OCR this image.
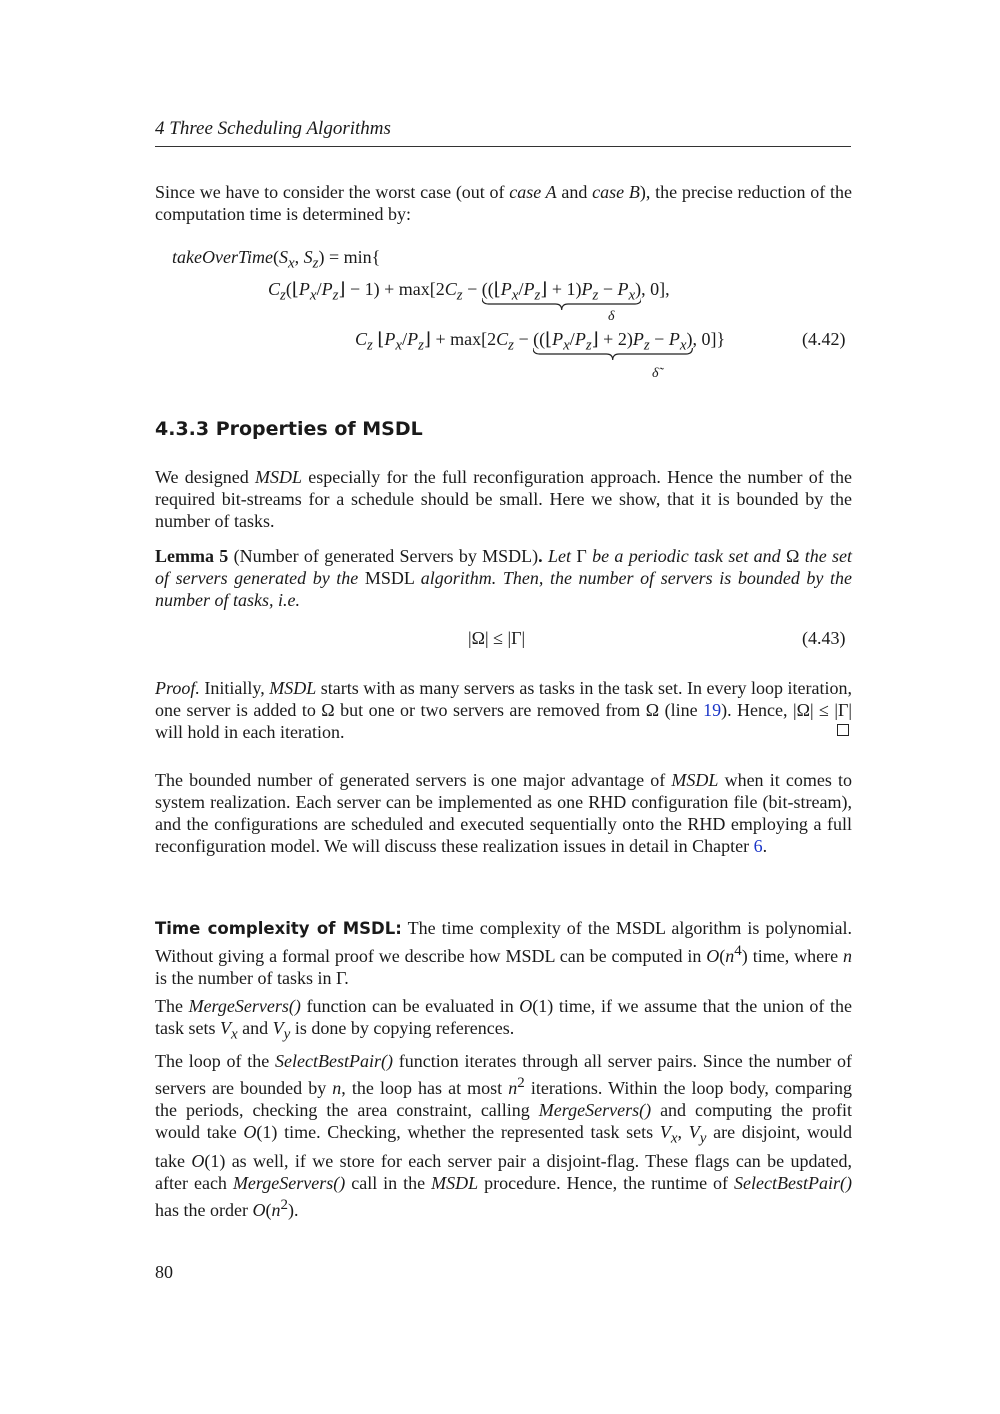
4 Three Scheduling Algorithms
Since we have to consider the worst case (out of case A and case B), the precise reduction of the computation time is determined by:
$takeOverTime(S_x$, $S_z) = \min${
$C_z(⌊P_x/P_z⌋ - 1) + \max[2C_z$ − $((⌊P_x/P_z⌋ + 1)P_z - P_x)$
, 0],
δ
$C_z$ $⌊P_x/P_z⌋ + \max[2C_z$ − $((⌊P_x/P_z⌋ + 2)P_z - P_x)$
, 0]}
δ̃
(4.42)
4.3.3 Properties of MSDL
We designed MSDL especially for the full reconfiguration approach. Hence the number of the required bit-streams for a schedule should be small. Here we show, that it is bounded by the number of tasks.
Lemma 5 (Number of generated Servers by MSDL). Let Γ be a periodic task set and Ω the set of servers generated by the MSDL algorithm. Then, the number of servers is bounded by the number of tasks, i.e.
|Ω| ≤ |Γ|	(4.43)
Proof. Initially, MSDL starts with as many servers as tasks in the task set. In every loop iteration, one server is added to Ω but one or two servers are removed from Ω (line 19). Hence, |Ω| ≤ |Γ| will hold in each iteration.
The bounded number of generated servers is one major advantage of MSDL when it comes to system realization. Each server can be implemented as one RHD configuration file (bit-stream), and the configurations are scheduled and executed sequentially onto the RHD employing a full reconfiguration model. We will discuss these realization issues in detail in Chapter 6.
Time complexity of MSDL: The time complexity of the MSDL algorithm is polynomial. Without giving a formal proof we describe how MSDL can be computed in $O(n^4)$ time, where n is the number of tasks in Γ.
The MergeServers() function can be evaluated in O(1) time, if we assume that the union of the task sets $V_x$ and $V_y$ is done by copying references.
The loop of the SelectBestPair() function iterates through all server pairs. Since the number of servers are bounded by n, the loop has at most $n^2$ iterations. Within the loop body, comparing the periods, checking the area constraint, calling MergeServers() and computing the profit would take O(1) time. Checking, whether the represented task sets $V_x$, $V_y$ are disjoint, would take O(1) as well, if we store for each server pair a disjoint-flag. These flags can be updated, after each MergeServers() call in the MSDL procedure. Hence, the runtime of SelectBestPair() has the order $O(n^2)$.
80
